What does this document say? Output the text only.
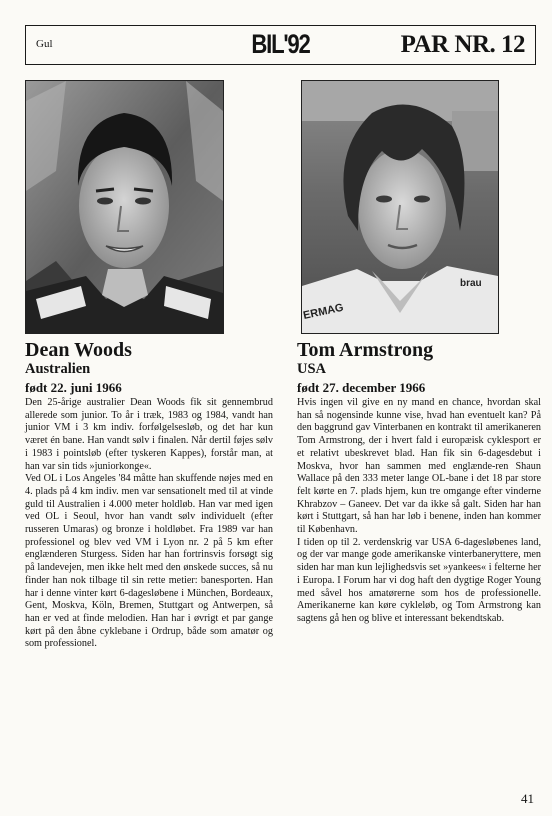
Gul	BIL'92	PAR NR. 12
ERMAG
brau
Dean Woods
Australien
født 22. juni 1966

Den 25-årige australier Dean Woods fik sit gennembrud allerede som junior. To år i træk, 1983 og 1984, vandt han junior VM i 3 km indiv. forfølgelsesløb, og det har kun været én bane. Han vandt sølv i finalen. Når dertil føjes sølv i 1983 i pointsløb (efter tyskeren Kappes), forstår man, at han var sin tids »juniorkonge«.
Ved OL i Los Angeles '84 måtte han skuffende nøjes med en 4. plads på 4 km indiv. men var sensationelt med til at vinde guld til Australien i 4.000 meter holdløb. Han var med igen ved OL i Seoul, hvor han vandt sølv individuelt (efter russeren Umaras) og bronze i holdløbet. Fra 1989 var han professionel og blev ved VM i Lyon nr. 2 på 5 km efter englænderen Sturgess. Siden har han fortrinsvis forsøgt sig på landevejen, men ikke helt med den ønskede succes, så nu finder han nok tilbage til sin rette metier: banesporten. Han har i denne vinter kørt 6-dagesløbene i München, Bordeaux, Gent, Moskva, Köln, Bremen, Stuttgart og Antwerpen, så han er ved at finde melodien. Han har i øvrigt et par gange kørt på den åbne cyklebane i Ordrup, både som amatør og som professionel.

Tom Armstrong
USA
født 27. december 1966

Hvis ingen vil give en ny mand en chance, hvordan skal han så nogensinde kunne vise, hvad han eventuelt kan? På den baggrund gav Vinterbanen en kontrakt til amerikaneren Tom Armstrong, der i hvert fald i europæisk cyklesport er et relativt ubeskrevet blad. Han fik sin 6-dagesdebut i Moskva, hvor han sammen med englænde-ren Shaun Wallace på den 333 meter lange OL-bane i det 18 par store felt kørte en 7. plads hjem, kun tre omgange efter vinderne Khrabzov – Ganeev. Det var da ikke så galt. Siden har han kørt i Stuttgart, så han har løb i benene, inden han kommer til København.
I tiden op til 2. verdenskrig var USA 6-dagesløbenes land, og der var mange gode amerikanske vinterbaneryttere, men siden har man kun lejlighedsvis set »yankees« i felterne her i Europa. I Forum har vi dog haft den dygtige Roger Young med såvel hos amatørerne som hos de professionelle. Amerikanerne kan køre cykleløb, og Tom Armstrong kan sagtens gå hen og blive et interessant bekendtskab.

41
